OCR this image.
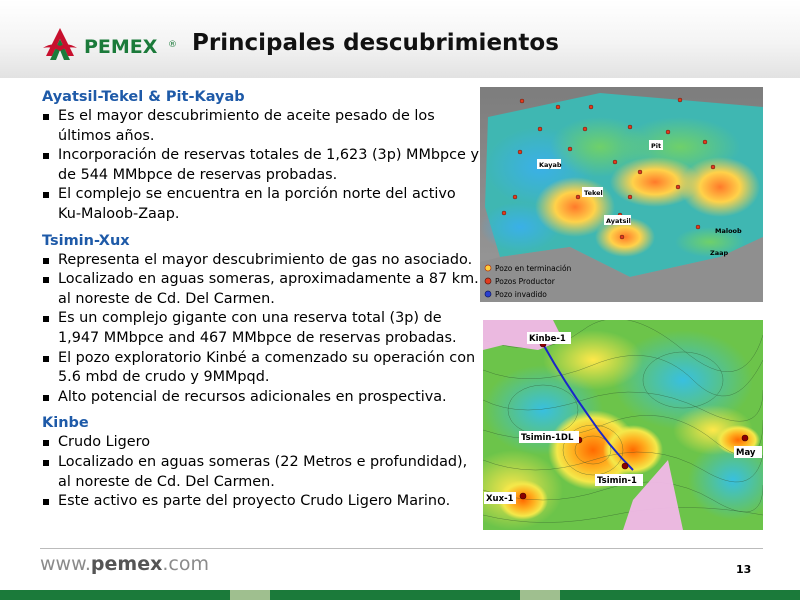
PEMEX ® Principales descubrimientos

Ayatsil-Tekel & Pit-Kayab

Es el mayor descubrimiento de aceite pesado de los últimos años.
Incorporación de reservas totales de 1,623 (3p) MMbpce y de 544 MMbpce de reservas probadas.
El complejo se encuentra en la porción norte del activo Ku-Maloob-Zaap.

Tsimin-Xux

Representa el mayor descubrimiento de gas no asociado.
Localizado en aguas someras, aproximadamente a 87 km. al noreste de Cd. Del Carmen.
Es un complejo gigante con una reserva total (3p) de 1,947 MMbpce and 467 MMbpce de reservas probadas.
El pozo exploratorio Kinbé a comenzado su operación con 5.6 mbd de crudo y 9MMpqd.
Alto potencial de recursos adicionales en prospectiva.

Kinbe

Crudo Ligero
Localizado en aguas someras (22 Metros e profundidad), al noreste de Cd. Del Carmen.
Este activo es parte del proyecto Crudo Ligero Marino.
Kayab
Pit
Tekel
Ayatsil
Maloob
Zaap
Pozo en terminación
Pozos Productor
Pozo invadido
Kinbe-1
Tsimin-1DL
Tsimin-1
Xux-1
May
www.pemex.com	13
